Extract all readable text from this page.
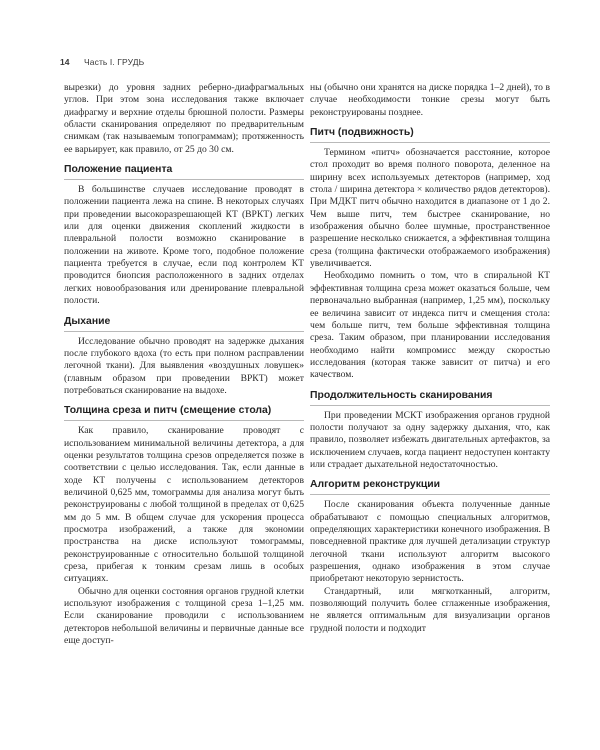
14 Часть I. ГРУДЬ

вырезки) до уровня задних реберно-диафрагмальных углов. При этом зона исследования также включает диафрагму и верхние отделы брюшной полости. Размеры области сканирования определяют по предварительным снимкам (так называемым топограммам); протяженность ее варьирует, как правило, от 25 до 30 см.

Положение пациента

В большинстве случаев исследование проводят в положении пациента лежа на спине. В некоторых случаях при проведении высокоразрешающей КТ (ВРКТ) легких или для оценки движения скоплений жидкости в плевральной полости возможно сканирование в положении на животе. Кроме того, подобное положение пациента требуется в случае, если под контролем КТ проводится биопсия расположенного в задних отделах легких новообразования или дренирование плевральной полости.

Дыхание

Исследование обычно проводят на задержке дыхания после глубокого вдоха (то есть при полном расправлении легочной ткани). Для выявления «воздушных ловушек» (главным образом при проведении ВРКТ) может потребоваться сканирование на выдохе.

Толщина среза и питч (смещение стола)

Как правило, сканирование проводят с использованием минимальной величины детектора, а для оценки результатов толщина срезов определяется позже в соответствии с целью исследования. Так, если данные в ходе КТ получены с использованием детекторов величиной 0,625 мм, томограммы для анализа могут быть реконструированы с любой толщиной в пределах от 0,625 мм до 5 мм. В общем случае для ускорения процесса просмотра изображений, а также для экономии пространства на диске используют томограммы, реконструированные с относительно большой толщиной среза, прибегая к тонким срезам лишь в особых ситуациях.

Обычно для оценки состояния органов грудной клетки используют изображения с толщиной среза 1–1,25 мм. Если сканирование проводили с использованием детекторов небольшой величины и первичные данные все еще доступ-

ны (обычно они хранятся на диске порядка 1–2 дней), то в случае необходимости тонкие срезы могут быть реконструированы позднее.

Питч (подвижность)

Термином «питч» обозначается расстояние, которое стол проходит во время полного поворота, деленное на ширину всех используемых детекторов (например, ход стола / ширина детектора × количество рядов детекторов). При МДКТ питч обычно находится в диапазоне от 1 до 2. Чем выше питч, тем быстрее сканирование, но изображения обычно более шумные, пространственное разрешение несколько снижается, а эффективная толщина среза (толщина фактически отображаемого изображения) увеличивается.

Необходимо помнить о том, что в спиральной КТ эффективная толщина среза может оказаться больше, чем первоначально выбранная (например, 1,25 мм), поскольку ее величина зависит от индекса питч и смещения стола: чем больше питч, тем больше эффективная толщина среза. Таким образом, при планировании исследования необходимо найти компромисс между скоростью исследования (которая также зависит от питча) и его качеством.

Продолжительность сканирования

При проведении МСКТ изображения органов грудной полости получают за одну задержку дыхания, что, как правило, позволяет избежать двигательных артефактов, за исключением случаев, когда пациент недоступен контакту или страдает дыхательной недостаточностью.

Алгоритм реконструкции

После сканирования объекта полученные данные обрабатывают с помощью специальных алгоритмов, определяющих характеристики конечного изображения. В повседневной практике для лучшей детализации структур легочной ткани используют алгоритм высокого разрешения, однако изображения в этом случае приобретают некоторую зернистость.

Стандартный, или мягкотканный, алгоритм, позволяющий получить более сглаженные изображения, не является оптимальным для визуализации органов грудной полости и подходит
